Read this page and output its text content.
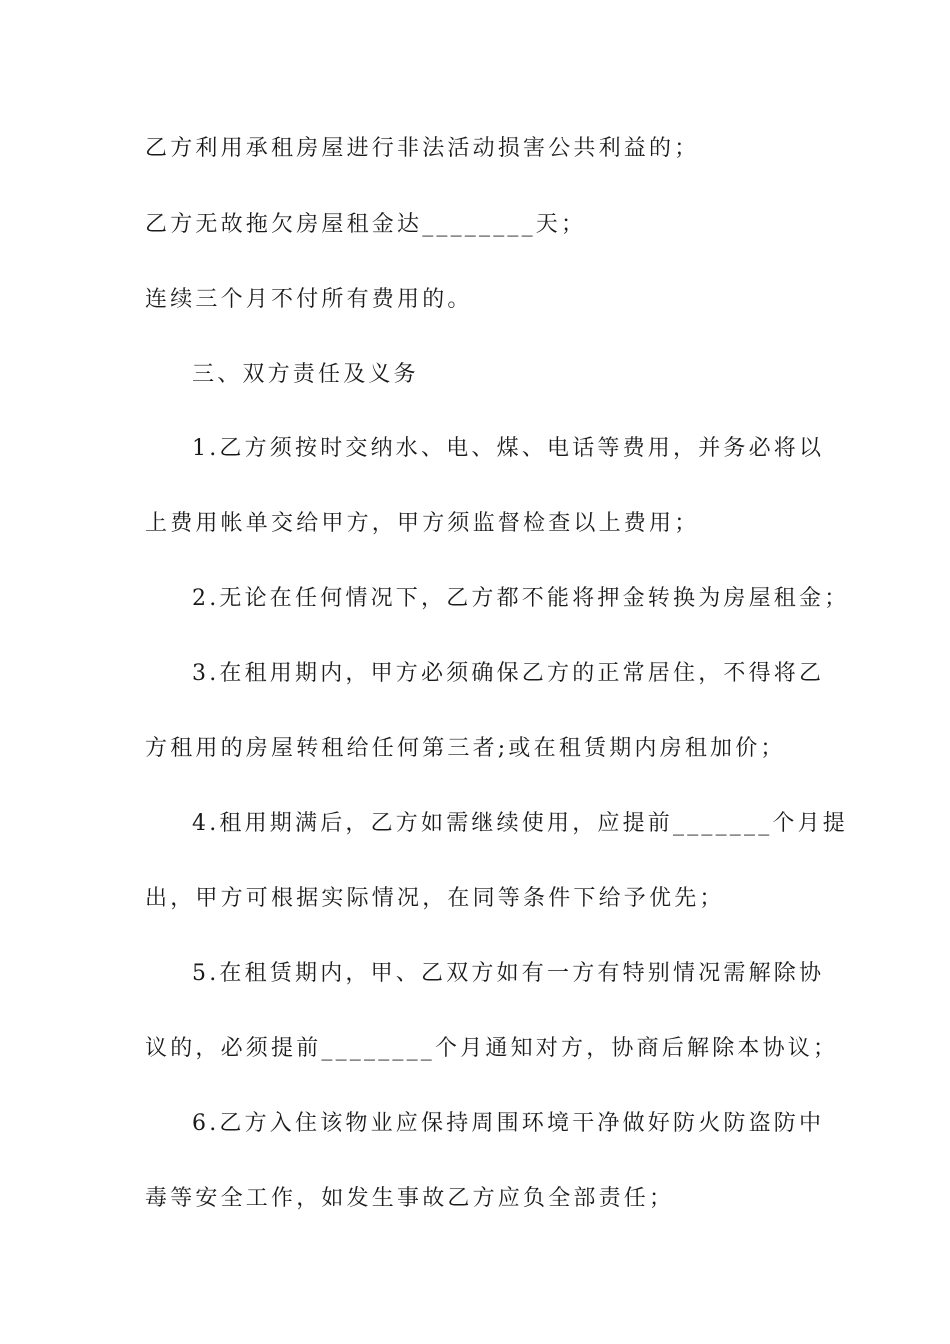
乙方利用承租房屋进行非法活动损害公共利益的；
乙方无故拖欠房屋租金达________天；
连续三个月不付所有费用的。
三、双方责任及义务
1.乙方须按时交纳水、电、煤、电话等费用，并务必将以
上费用帐单交给甲方，甲方须监督检查以上费用；
2.无论在任何情况下，乙方都不能将押金转换为房屋租金；
3.在租用期内，甲方必须确保乙方的正常居住，不得将乙
方租用的房屋转租给任何第三者;或在租赁期内房租加价；
4.租用期满后，乙方如需继续使用，应提前_______个月提
出，甲方可根据实际情况，在同等条件下给予优先；
5.在租赁期内，甲、乙双方如有一方有特别情况需解除协
议的，必须提前________个月通知对方，协商后解除本协议；
6.乙方入住该物业应保持周围环境干净做好防火防盗防中
毒等安全工作，如发生事故乙方应负全部责任；
